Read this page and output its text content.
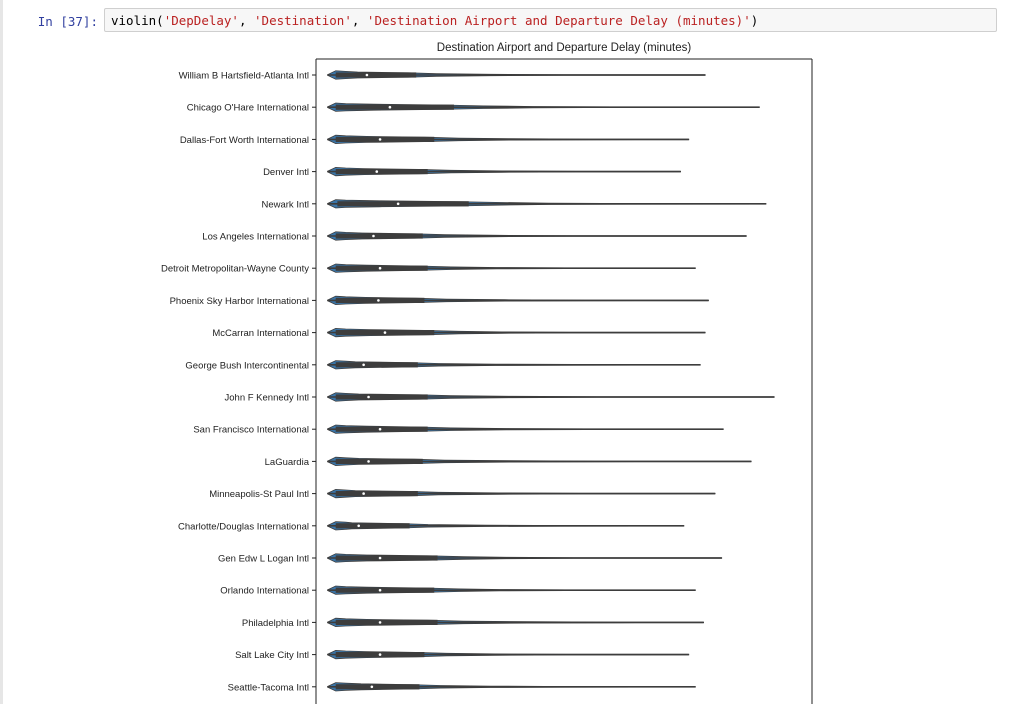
In [37]:	violin('DepDelay', 'Destination', 'Destination Airport and Departure Delay (minutes)')
Destination Airport and Departure Delay (minutes)
William B Hartsfield-Atlanta Intl
Chicago O'Hare International
Dallas-Fort Worth International
Denver Intl
Newark Intl
Los Angeles International
Detroit Metropolitan-Wayne County
Phoenix Sky Harbor International
McCarran International
George Bush Intercontinental
John F Kennedy Intl
San Francisco International
LaGuardia
Minneapolis-St Paul Intl
Charlotte/Douglas International
Gen Edw L Logan Intl
Orlando International
Philadelphia Intl
Salt Lake City Intl
Seattle-Tacoma Intl
